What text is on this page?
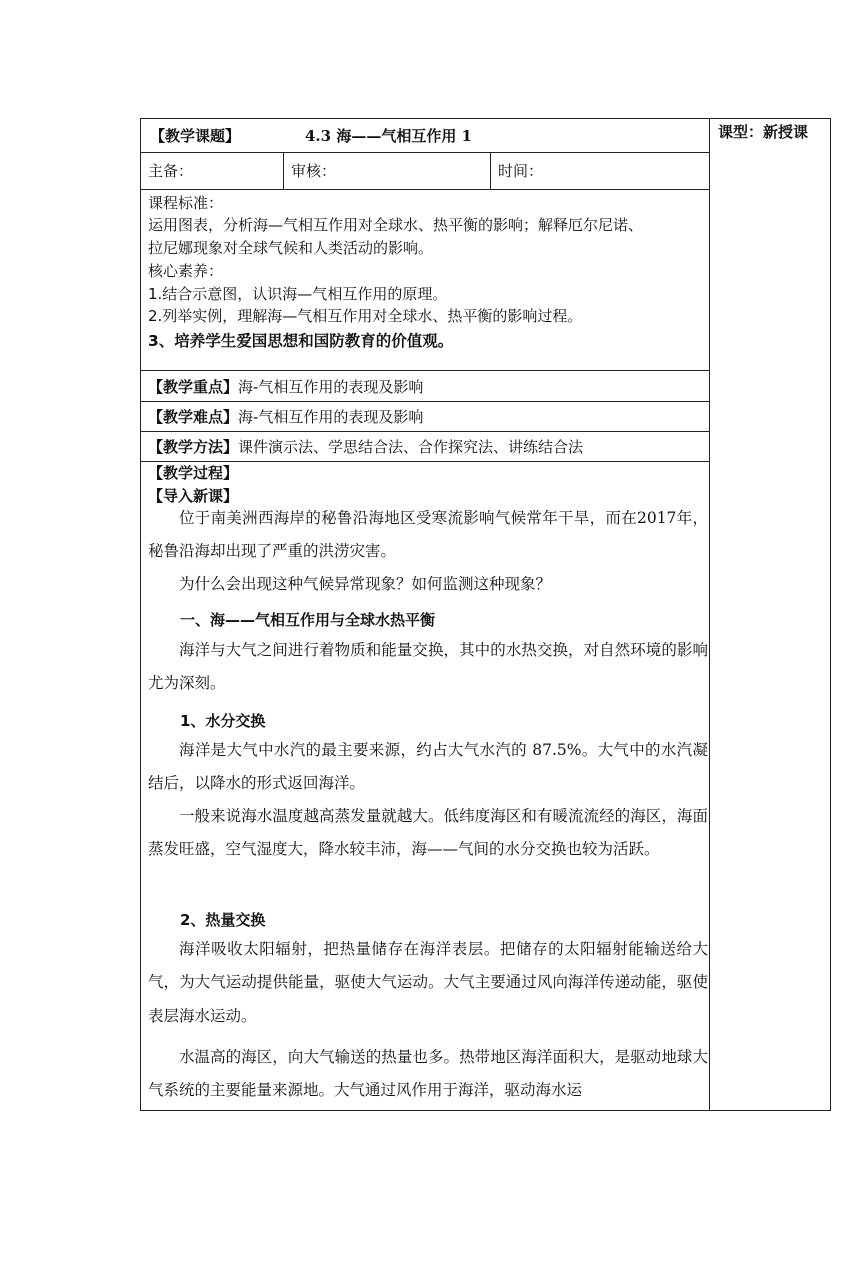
【教学课题】	4.3 海——气相互作用 1	课型：新授课
主备：	审核：	时间：
课程标准：
运用图表，分析海—气相互作用对全球水、热平衡的影响；解释厄尔尼诺、
拉尼娜现象对全球气候和人类活动的影响。
核心素养：
1.结合示意图，认识海—气相互作用的原理。
2.列举实例，理解海—气相互作用对全球水、热平衡的影响过程。
3、培养学生爱国思想和国防教育的价值观。
【教学重点】海-气相互作用的表现及影响
【教学难点】海-气相互作用的表现及影响
【教学方法】课件演示法、学思结合法、合作探究法、讲练结合法
【教学过程】
【导入新课】
位于南美洲西海岸的秘鲁沿海地区受寒流影响气候常年干旱，而在2017年，秘鲁沿海却出现了严重的洪涝灾害。
为什么会出现这种气候异常现象？如何监测这种现象？
一、海——气相互作用与全球水热平衡
海洋与大气之间进行着物质和能量交换，其中的水热交换，对自然环境的影响尤为深刻。
1、水分交换
海洋是大气中水汽的最主要来源，约占大气水汽的 87.5%。大气中的水汽凝结后，以降水的形式返回海洋。
一般来说海水温度越高蒸发量就越大。低纬度海区和有暖流流经的海区，海面蒸发旺盛，空气湿度大，降水较丰沛，海——气间的水分交换也较为活跃。
2、热量交换
海洋吸收太阳辐射，把热量储存在海洋表层。把储存的太阳辐射能输送给大气，为大气运动提供能量，驱使大气运动。大气主要通过风向海洋传递动能，驱使表层海水运动。
水温高的海区，向大气输送的热量也多。热带地区海洋面积大，是驱动地球大气系统的主要能量来源地。大气通过风作用于海洋，驱动海水运
